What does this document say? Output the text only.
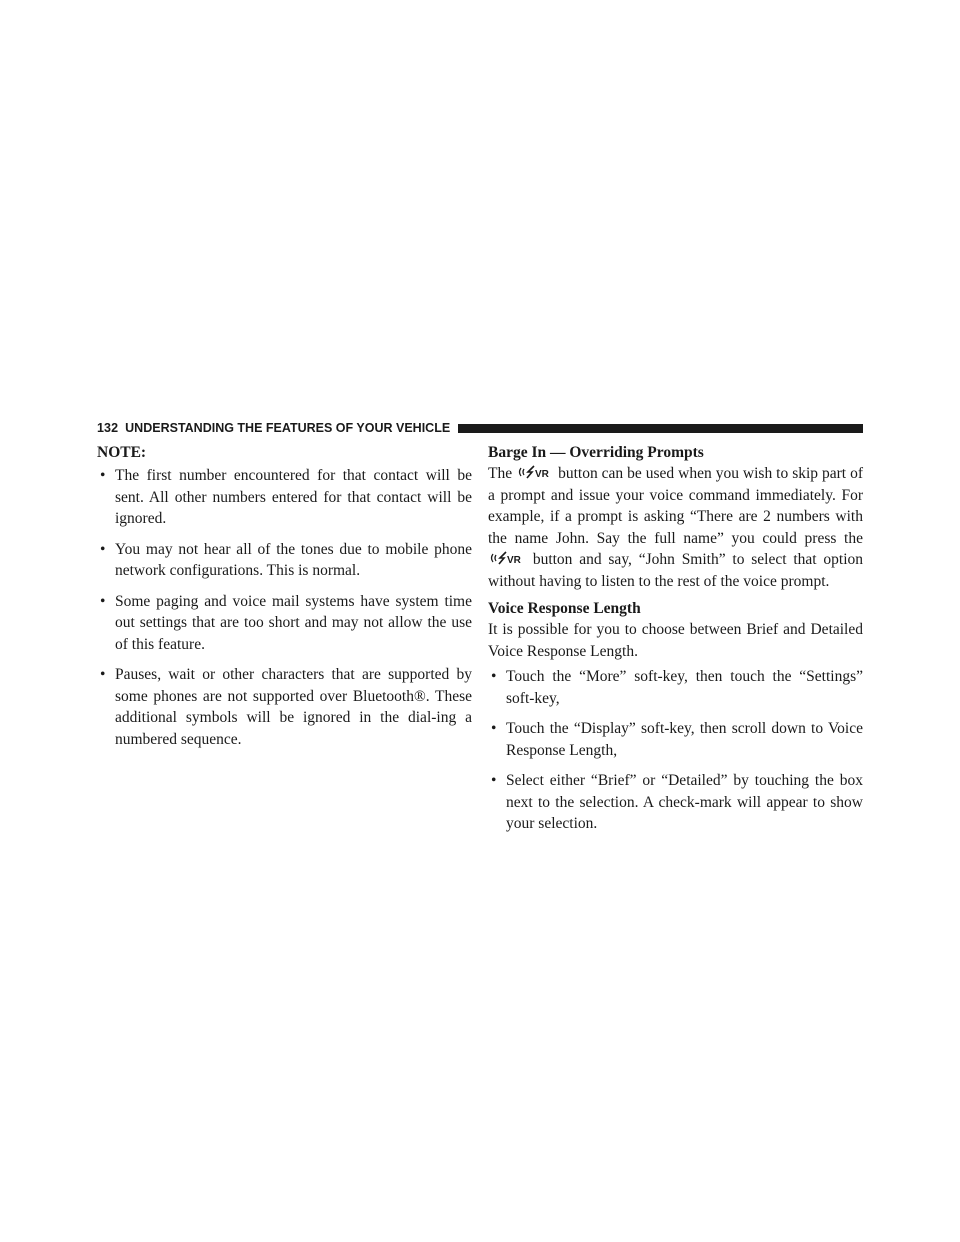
132 UNDERSTANDING THE FEATURES OF YOUR VEHICLE
NOTE:
• The first number encountered for that contact will be sent. All other numbers entered for that contact will be ignored.
• You may not hear all of the tones due to mobile phone network configurations. This is normal.
• Some paging and voice mail systems have system time out settings that are too short and may not allow the use of this feature.
• Pauses, wait or other characters that are supported by some phones are not supported over Bluetooth®. These additional symbols will be ignored in the dial-ing a numbered sequence.
Barge In — Overriding Prompts

The VR button can be used when you wish to skip part of a prompt and issue your voice command immediately. For example, if a prompt is asking “There are 2 numbers with the name John. Say the full name” you could press the
VR button and say, “John Smith” to select that option without having to listen to the rest of the voice prompt.

Voice Response Length

It is possible for you to choose between Brief and Detailed Voice Response Length.

• Touch the “More” soft-key, then touch the “Settings” soft-key,
• Touch the “Display” soft-key, then scroll down to Voice Response Length,
• Select either “Brief” or “Detailed” by touching the box next to the selection. A check-mark will appear to show your selection.
